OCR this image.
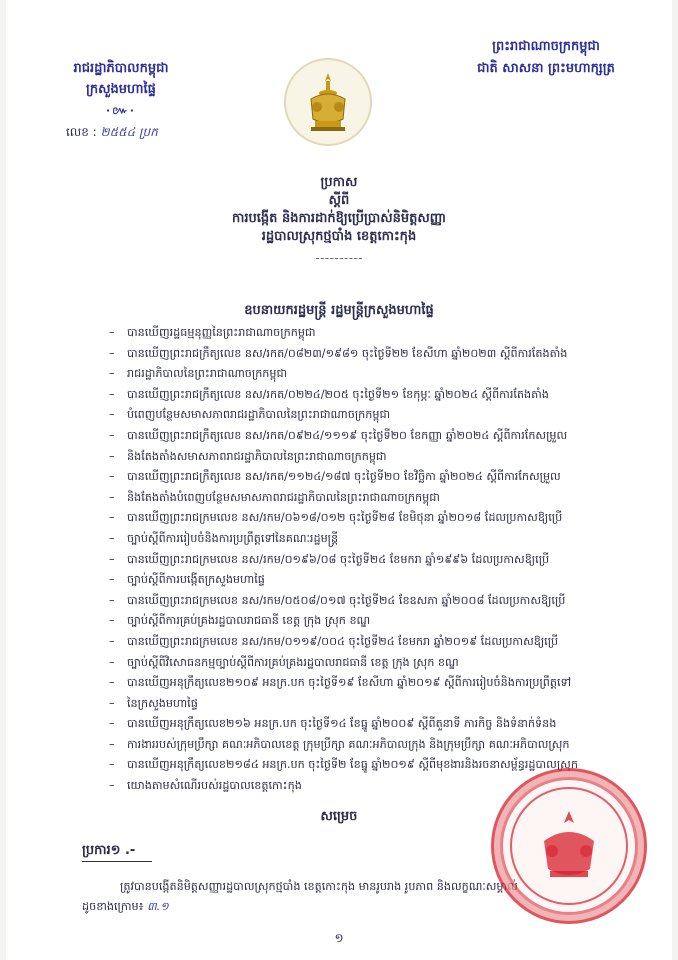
រាជរដ្ឋាភិបាលកម្ពុជា
ក្រសួងមហាផ្ទៃ
·៚·
លេខ : ២៥៥៤ ប្រក
ព្រះរាជាណាចក្រកម្ពុជា
ជាតិ សាសនា ព្រះមហាក្សត្រ
ប្រកាស
ស្តីពី
ការបង្កើត និងការដាក់ឱ្យប្រើប្រាស់និមិត្តសញ្ញា
រដ្ឋបាលស្រុកថ្មបាំង ខេត្តកោះកុង
ឧបនាយករដ្ឋមន្ត្រី រដ្ឋមន្ត្រីក្រសួងមហាផ្ទៃ
– បានឃើញរដ្ឋធម្មនុញ្ញនៃព្រះរាជាណាចក្រកម្ពុជា
– បានឃើញព្រះរាជក្រឹត្យលេខ នស/រកត/០៨២៣/១៩៨១ ចុះថ្ងៃទី២២ ខែសីហា ឆ្នាំ២០២៣ ស្តីពីការតែងតាំង
– រាជរដ្ឋាភិបាលនៃព្រះរាជាណាចក្រកម្ពុជា
– បានឃើញព្រះរាជក្រឹត្យលេខ នស/រកត/០២២៤/២០៥ ចុះថ្ងៃទី២១ ខែកុម្ភៈ ឆ្នាំ២០២៤ ស្តីពីការតែងតាំង
– បំពេញបន្ថែមសមាសភាពរាជរដ្ឋាភិបាលនៃព្រះរាជាណាចក្រកម្ពុជា
– បានឃើញព្រះរាជក្រឹត្យលេខ នស/រកត/០៩២៤/១១១៩ ចុះថ្ងៃទី២០ ខែកញ្ញា ឆ្នាំ២០២៤ ស្តីពីការកែសម្រួល
– និងតែងតាំងសមាសភាពរាជរដ្ឋាភិបាលនៃព្រះរាជាណាចក្រកម្ពុជា
– បានឃើញព្រះរាជក្រឹត្យលេខ នស/រកត/១១២៤/១៨៧ ចុះថ្ងៃទី២០ ខែវិច្ឆិកា ឆ្នាំ២០២៤ ស្តីពីការកែសម្រួល
– និងតែងតាំងបំពេញបន្ថែមសមាសភាពរាជរដ្ឋាភិបាលនៃព្រះរាជាណាចក្រកម្ពុជា
– បានឃើញព្រះរាជក្រមលេខ នស/រកម/០៦១៨/០១២ ចុះថ្ងៃទី២៨ ខែមិថុនា ឆ្នាំ២០១៨ ដែលប្រកាសឱ្យប្រើ
– ច្បាប់ស្តីពីការរៀបចំនិងការប្រព្រឹត្តទៅនៃគណៈរដ្ឋមន្ត្រី
– បានឃើញព្រះរាជក្រមលេខ នស/រកម/០១៩៦/០៨ ចុះថ្ងៃទី២៤ ខែមករា ឆ្នាំ១៩៩៦ ដែលប្រកាសឱ្យប្រើ
– ច្បាប់ស្តីពីការបង្កើតក្រសួងមហាផ្ទៃ
– បានឃើញព្រះរាជក្រមលេខ នស/រកម/០៥០៨/០១៧ ចុះថ្ងៃទី២៤ ខែឧសភា ឆ្នាំ២០០៨ ដែលប្រកាសឱ្យប្រើ
– ច្បាប់ស្តីពីការគ្រប់គ្រងរដ្ឋបាលរាជធានី ខេត្ត ក្រុង ស្រុក ខណ្ឌ
– បានឃើញព្រះរាជក្រមលេខ នស/រកម/០១១៩/០០៤ ចុះថ្ងៃទី២៤ ខែមករា ឆ្នាំ២០១៩ ដែលប្រកាសឱ្យប្រើ
– ច្បាប់ស្តីពីវិសោធនកម្មច្បាប់ស្តីពីការគ្រប់គ្រងរដ្ឋបាលរាជធានី ខេត្ត ក្រុង ស្រុក ខណ្ឌ
– បានឃើញអនុក្រឹត្យលេខ២១០៩ អនក្រ.បក ចុះថ្ងៃទី១៩ ខែសីហា ឆ្នាំ២០១៩ ស្តីពីការរៀបចំនិងការប្រព្រឹត្តទៅ
– នៃក្រសួងមហាផ្ទៃ
– បានឃើញអនុក្រឹត្យលេខ២១៦ អនក្រ.បក ចុះថ្ងៃទី១៤ ខែធ្នូ ឆ្នាំ២០០៩ ស្តីពីតួនាទី ភារកិច្ច និងទំនាក់ទំនង
– ការងាររបស់ក្រុមប្រឹក្សា គណៈអភិបាលខេត្ត ក្រុមប្រឹក្សា គណៈអភិបាលក្រុង និងក្រុមប្រឹក្សា គណៈអភិបាលស្រុក
– បានឃើញអនុក្រឹត្យលេខ២១៨៤ អនក្រ.បក ចុះថ្ងៃទី២ ខែធ្នូ ឆ្នាំ២០១៩ ស្តីពីមុខងារនិងរចនាសម្ព័ន្ធរដ្ឋបាលស្រុក
– យោងតាមសំណើរបស់រដ្ឋបាលខេត្តកោះកុង
សម្រេច
ប្រការ១ .-
ត្រូវបានបង្កើតនិមិត្តសញ្ញារដ្ឋបាលស្រុកថ្មបាំង ខេត្តកោះកុង មានរូបរាង រូបភាព និងលក្ខណៈសម្គាល់
ដូចខាងក្រោម៖ ៣.១
១
